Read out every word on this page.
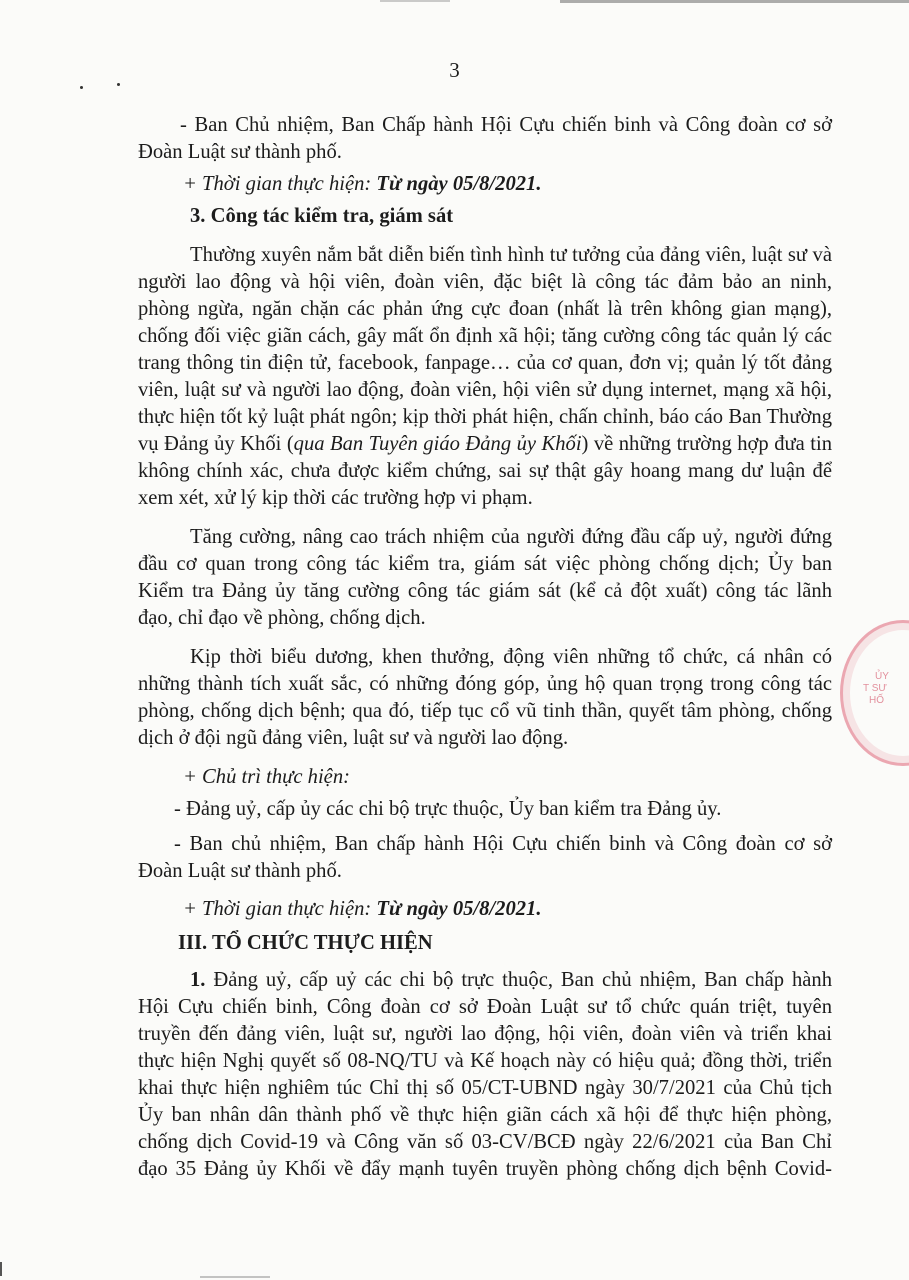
3
- Ban Chủ nhiệm, Ban Chấp hành Hội Cựu chiến binh và Công đoàn cơ sở
Đoàn Luật sư thành phố.
+ Thời gian thực hiện: Từ ngày 05/8/2021.
3. Công tác kiểm tra, giám sát
Thường xuyên nắm bắt diễn biến tình hình tư tưởng của đảng viên, luật sư và
người lao động và hội viên, đoàn viên, đặc biệt là công tác đảm bảo an ninh,
phòng ngừa, ngăn chặn các phản ứng cực đoan (nhất là trên không gian mạng),
chống đối việc giãn cách, gây mất ổn định xã hội; tăng cường công tác quản lý các
trang thông tin điện tử, facebook, fanpage… của cơ quan, đơn vị; quản lý tốt đảng
viên, luật sư và người lao động, đoàn viên, hội viên sử dụng internet, mạng xã hội,
thực hiện tốt kỷ luật phát ngôn; kịp thời phát hiện, chấn chỉnh, báo cáo Ban Thường
vụ Đảng ủy Khối (qua Ban Tuyên giáo Đảng ủy Khối) về những trường hợp đưa tin
không chính xác, chưa được kiểm chứng, sai sự thật gây hoang mang dư luận để
xem xét, xử lý kịp thời các trường hợp vi phạm.
Tăng cường, nâng cao trách nhiệm của người đứng đầu cấp uỷ, người đứng
đầu cơ quan trong công tác kiểm tra, giám sát việc phòng chống dịch; Ủy ban
Kiểm tra Đảng ủy tăng cường công tác giám sát (kể cả đột xuất) công tác lãnh
đạo, chỉ đạo về phòng, chống dịch.
Kịp thời biểu dương, khen thưởng, động viên những tổ chức, cá nhân có
những thành tích xuất sắc, có những đóng góp, ủng hộ quan trọng trong công tác
phòng, chống dịch bệnh; qua đó, tiếp tục cổ vũ tinh thần, quyết tâm phòng, chống
dịch ở đội ngũ đảng viên, luật sư và người lao động.
+ Chủ trì thực hiện:
- Đảng uỷ, cấp ủy các chi bộ trực thuộc, Ủy ban kiểm tra Đảng ủy.
- Ban chủ nhiệm, Ban chấp hành Hội Cựu chiến binh và Công đoàn cơ sở
Đoàn Luật sư thành phố.
+ Thời gian thực hiện: Từ ngày 05/8/2021.
III. TỔ CHỨC THỰC HIỆN
1. Đảng uỷ, cấp uỷ các chi bộ trực thuộc, Ban chủ nhiệm, Ban chấp hành
Hội Cựu chiến binh, Công đoàn cơ sở Đoàn Luật sư tổ chức quán triệt, tuyên
truyền đến đảng viên, luật sư, người lao động, hội viên, đoàn viên và triển khai
thực hiện Nghị quyết số 08-NQ/TU và Kế hoạch này có hiệu quả; đồng thời, triển
khai thực hiện nghiêm túc Chỉ thị số 05/CT-UBND ngày 30/7/2021 của Chủ tịch
Ủy ban nhân dân thành phố về thực hiện giãn cách xã hội để thực hiện phòng,
chống dịch Covid-19 và Công văn số 03-CV/BCĐ ngày 22/6/2021 của Ban Chỉ
đạo 35 Đảng ủy Khối về đẩy mạnh tuyên truyền phòng chống dịch bệnh Covid-
ỦY
T SƯ
HỐ
